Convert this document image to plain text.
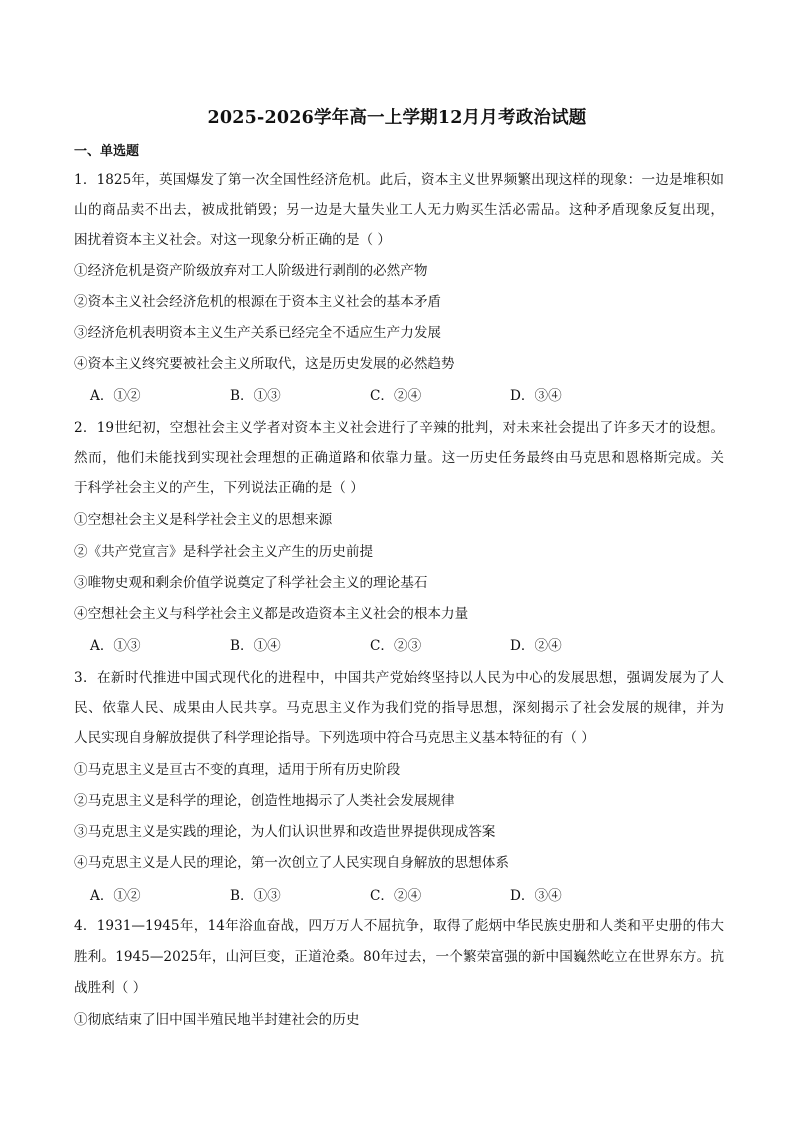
2025-2026学年高一上学期12月月考政治试题
一、单选题
1．1825年，英国爆发了第一次全国性经济危机。此后，资本主义世界频繁出现这样的现象：一边是堆积如
山的商品卖不出去，被成批销毁；另一边是大量失业工人无力购买生活必需品。这种矛盾现象反复出现，
困扰着资本主义社会。对这一现象分析正确的是（ ）
①经济危机是资产阶级放弃对工人阶级进行剥削的必然产物
②资本主义社会经济危机的根源在于资本主义社会的基本矛盾
③经济危机表明资本主义生产关系已经完全不适应生产力发展
④资本主义终究要被社会主义所取代，这是历史发展的必然趋势
A．①②	B．①③	C．②④	D．③④
2．19世纪初，空想社会主义学者对资本主义社会进行了辛辣的批判，对未来社会提出了许多天才的设想。
然而，他们未能找到实现社会理想的正确道路和依靠力量。这一历史任务最终由马克思和恩格斯完成。关
于科学社会主义的产生，下列说法正确的是（ ）
①空想社会主义是科学社会主义的思想来源
②《共产党宣言》是科学社会主义产生的历史前提
③唯物史观和剩余价值学说奠定了科学社会主义的理论基石
④空想社会主义与科学社会主义都是改造资本主义社会的根本力量
A．①③	B．①④	C．②③	D．②④
3．在新时代推进中国式现代化的进程中，中国共产党始终坚持以人民为中心的发展思想，强调发展为了人
民、依靠人民、成果由人民共享。马克思主义作为我们党的指导思想，深刻揭示了社会发展的规律，并为
人民实现自身解放提供了科学理论指导。下列选项中符合马克思主义基本特征的有（ ）
①马克思主义是亘古不变的真理，适用于所有历史阶段
②马克思主义是科学的理论，创造性地揭示了人类社会发展规律
③马克思主义是实践的理论，为人们认识世界和改造世界提供现成答案
④马克思主义是人民的理论，第一次创立了人民实现自身解放的思想体系
A．①②	B．①③	C．②④	D．③④
4．1931—1945年，14年浴血奋战，四万万人不屈抗争，取得了彪炳中华民族史册和人类和平史册的伟大
胜利。1945—2025年，山河巨变，正道沧桑。80年过去，一个繁荣富强的新中国巍然屹立在世界东方。抗
战胜利（ ）
①彻底结束了旧中国半殖民地半封建社会的历史
